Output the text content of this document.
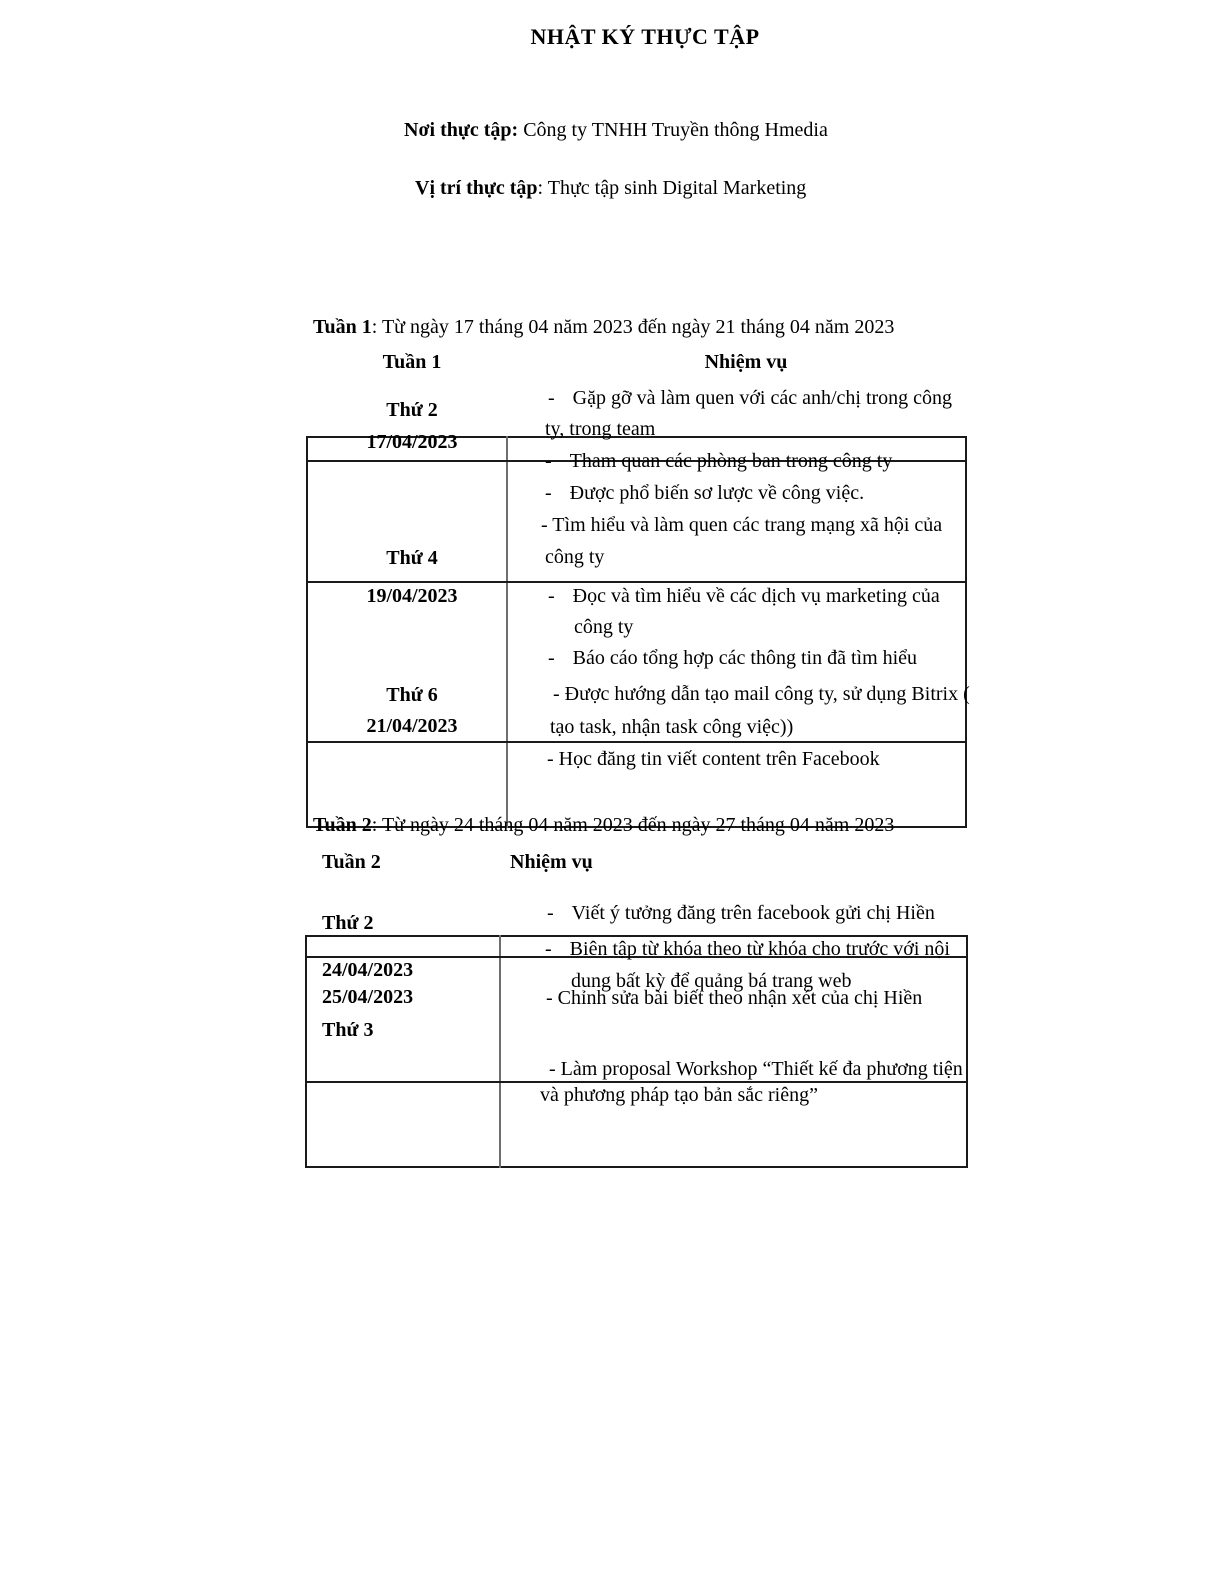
NHẬT KÝ THỰC TẬP
Nơi thực tập: Công ty TNHH Truyền thông Hmedia
Vị trí thực tập: Thực tập sinh Digital Marketing
Tuần 1: Từ ngày 17 tháng 04 năm 2023 đến ngày 21 tháng 04 năm 2023
Tuần 1	Nhiệm vụ
Thứ 2
17/04/2023
Thứ 4
19/04/2023
Thứ 6
21/04/2023
- Gặp gỡ và làm quen với các anh/chị trong công
ty, trong team
- Tham quan các phòng ban trong công ty
- Được phổ biến sơ lược về công việc.
- Tìm hiểu và làm quen các trang mạng xã hội của
công ty
- Đọc và tìm hiểu về các dịch vụ marketing của
công ty
- Báo cáo tổng hợp các thông tin đã tìm hiểu
- Được hướng dẫn tạo mail công ty, sử dụng Bitrix (
tạo task, nhận task công việc))
- Học đăng tin viết content trên Facebook
Tuần 2: Từ ngày 24 tháng 04 năm 2023 đến ngày 27 tháng 04 năm 2023
Tuần 2	Nhiệm vụ
Thứ 2
24/04/2023
25/04/2023
Thứ 3
- Viết ý tưởng đăng trên facebook gửi chị Hiền
- Biên tập từ khóa theo từ khóa cho trước với nội
dung bất kỳ để quảng bá trang web
- Chỉnh sửa bài biết theo nhận xét của chị Hiền
- Làm proposal Workshop “Thiết kế đa phương tiện
và phương pháp tạo bản sắc riêng”
